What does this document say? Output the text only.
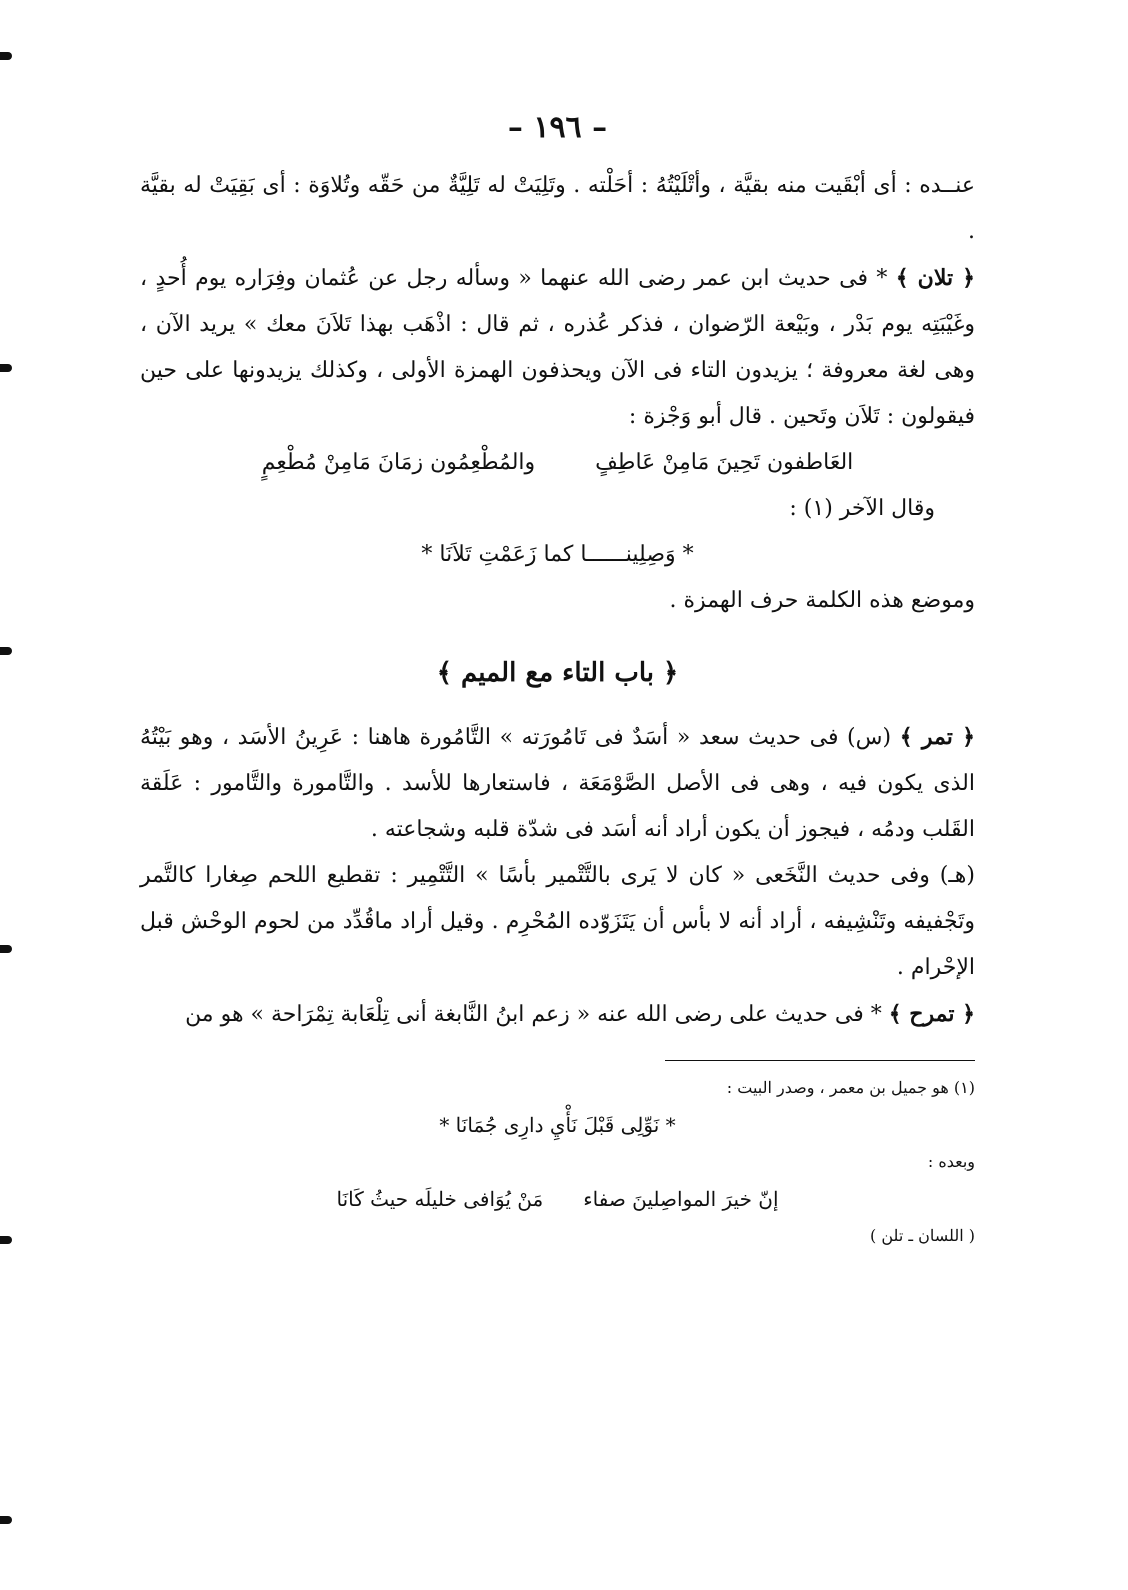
– ١٩٦ –

عنــده : أى أبْقَيت منه بقيَّة ، وأتْلَيْتُهُ : أحَلْته . وتَلِيَتْ له تَلِيَّةٌ من حَقّه وتُلاوَة : أى بَقِيَتْ له بقيَّة .

﴿ تلان ﴾ * فى حديث ابن عمر رضى الله عنهما « وسأله رجل عن عُثمان وفِرَاره يوم أُحدٍ ، وغَيْبَتِه يوم بَدْر ، وبَيْعة الرّضوان ، فذكر عُذره ، ثم قال : اذْهَب بهذا تَلاَنَ معك » يريد الآن ، وهى لغة معروفة ؛ يزيدون التاء فى الآن ويحذفون الهمزة الأولى ، وكذلك يزيدونها على حين فيقولون : تَلاَن وتَحين . قال أبو وَجْزة :

العَاطفون تَحِينَ مَامِنْ عَاطِفٍ
والمُطْعِمُون زمَانَ مَامِنْ مُطْعِمٍ

وقال الآخر (١) :

* وَصِلِينــــــا كما زَعَمْتِ تَلاَنَا *

وموضع هذه الكلمة حرف الهمزة .

﴿ باب التاء مع الميم ﴾

﴿ تمر ﴾ (س) فى حديث سعد « أسَدٌ فى تَامُورَته » التَّامُورة هاهنا : عَرِينُ الأسَد ، وهو بَيْتُهُ الذى يكون فيه ، وهى فى الأصل الصَّوْمَعَة ، فاستعارها للأسد . والتَّامورة والتَّامور : عَلَقة القَلب ودمُه ، فيجوز أن يكون أراد أنه أسَد فى شدّة قلبه وشجاعته .

(هـ) وفى حديث النَّخَعى « كان لا يَرى بالتَّتْمير بأسًا » التَّتْمِير : تقطيع اللحم صِغارا كالتَّمر وتَجْفيفه وتَنْشِيفه ، أراد أنه لا بأس أن يَتَزَوّده المُحْرِم . وقيل أراد ماقُدِّد من لحوم الوحْش قبل الإحْرام .

﴿ تمرح ﴾ * فى حديث على رضى الله عنه « زعم ابنُ النَّابغة أنى تِلْعَابة تِمْرَاحة » هو من

(١) هو جميل بن معمر ، وصدر البيت :

* نَوِّلِى قَبْلَ نَأْيِ دارِى جُمَانَا *

وبعده :

إنّ خيرَ المواصِلينَ صفاء
مَنْ يُوَافى خليلَه حيثُ كَانَا

( اللسان ـ تلن )
